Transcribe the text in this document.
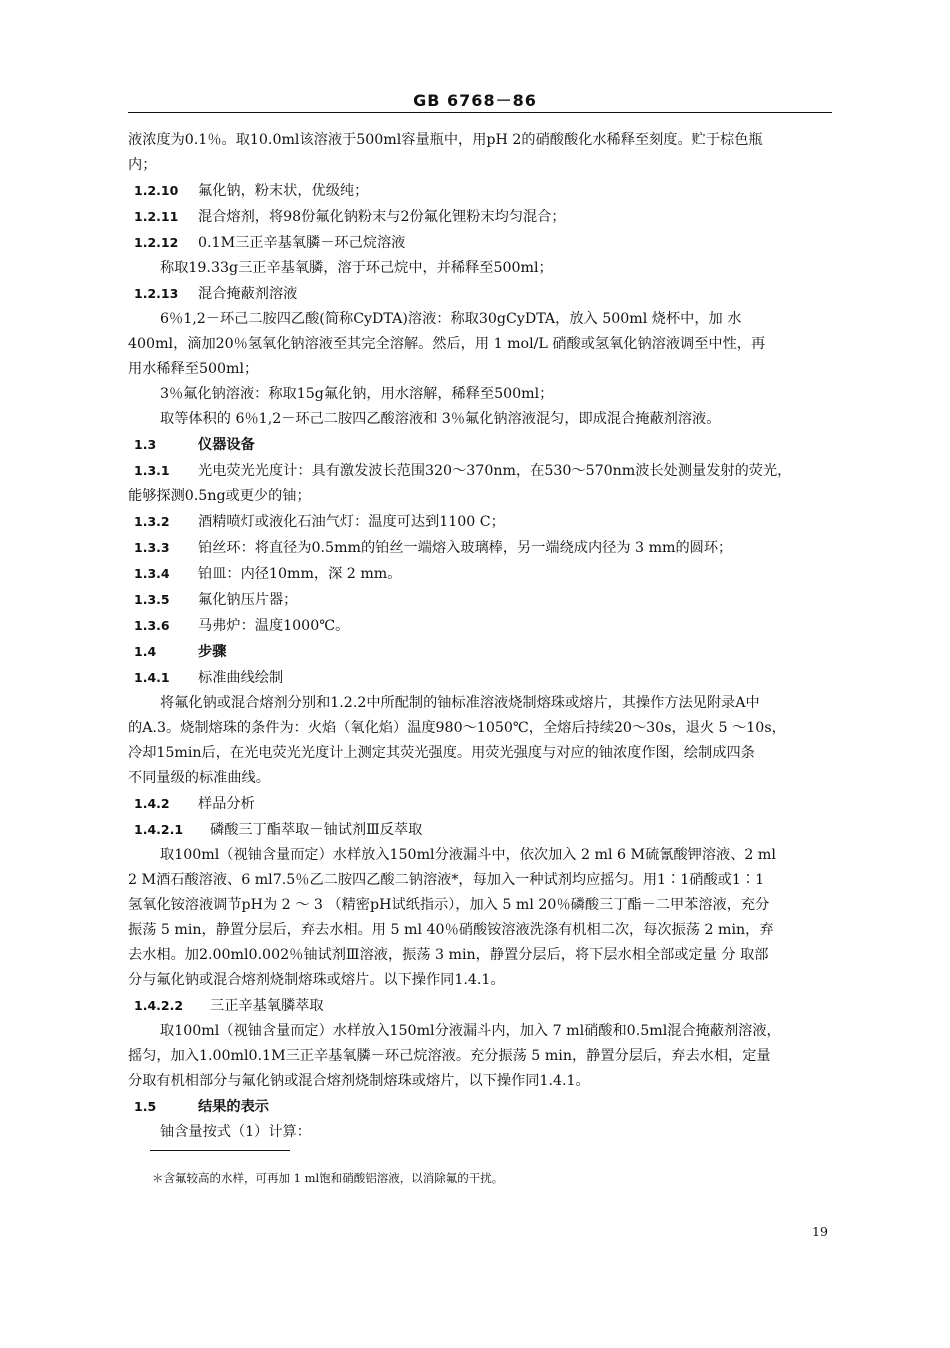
GB 6768－86

液浓度为0.1％。取10.0ml该溶液于500ml容量瓶中，用pH 2的硝酸酸化水稀释至刻度。贮于棕色瓶

内；

1.2.10 氟化钠，粉末状，优级纯；

1.2.11 混合熔剂，将98份氟化钠粉末与2份氟化锂粉末均匀混合；

1.2.12 0.1M三正辛基氧膦－环己烷溶液

称取19.33g三正辛基氧膦，溶于环己烷中，并稀释至500ml；

1.2.13 混合掩蔽剂溶液

6％1,2－环己二胺四乙酸(简称CyDTA)溶液：称取30gCyDTA，放入 500ml 烧杯中，加 水

400ml，滴加20％氢氧化钠溶液至其完全溶解。然后，用 1 mol/L 硝酸或氢氧化钠溶液调至中性，再

用水稀释至500ml；

3％氟化钠溶液：称取15g氟化钠，用水溶解，稀释至500ml；

取等体积的 6％1,2－环己二胺四乙酸溶液和 3％氟化钠溶液混匀，即成混合掩蔽剂溶液。

1.3	仪器设备

1.3.1 光电荧光光度计：具有激发波长范围320～370nm，在530～570nm波长处测量发射的荧光，

能够探测0.5ng或更少的铀；

1.3.2 酒精喷灯或液化石油气灯：温度可达到1100 C；

1.3.3 铂丝环：将直径为0.5mm的铂丝一端熔入玻璃棒，另一端绕成内径为 3 mm的圆环；

1.3.4 铂皿：内径10mm，深 2 mm。

1.3.5 氟化钠压片器；

1.3.6 马弗炉：温度1000℃。

1.4	步骤

1.4.1 标准曲线绘制

将氟化钠或混合熔剂分别和1.2.2中所配制的铀标准溶液烧制熔珠或熔片，其操作方法见附录A中

的A.3。烧制熔珠的条件为：火焰（氧化焰）温度980～1050℃，全熔后持续20～30s，退火 5 ～10s，

冷却15min后，在光电荧光光度计上测定其荧光强度。用荧光强度与对应的铀浓度作图，绘制成四条

不同量级的标准曲线。

1.4.2 样品分析

1.4.2.1 磷酸三丁酯萃取－铀试剂Ⅲ反萃取

取100ml（视铀含量而定）水样放入150ml分液漏斗中，依次加入 2 ml 6 M硫氰酸钾溶液、2 ml

2 M酒石酸溶液、6 ml7.5％乙二胺四乙酸二钠溶液*，每加入一种试剂均应摇匀。用1∶1硝酸或1∶1

氢氧化铵溶液调节pH为 2 ～ 3 （精密pH试纸指示），加入 5 ml 20％磷酸三丁酯－二甲苯溶液，充分

振荡 5 min，静置分层后，弃去水相。用 5 ml 40％硝酸铵溶液洗涤有机相二次，每次振荡 2 min，弃

去水相。加2.00ml0.002％铀试剂Ⅲ溶液，振荡 3 min，静置分层后，将下层水相全部或定量 分 取部

分与氟化钠或混合熔剂烧制熔珠或熔片。以下操作同1.4.1。

1.4.2.2 三正辛基氧膦萃取

取100ml（视铀含量而定）水样放入150ml分液漏斗内，加入 7 ml硝酸和0.5ml混合掩蔽剂溶液，

摇匀，加入1.00ml0.1M三正辛基氧膦－环己烷溶液。充分振荡 5 min，静置分层后，弃去水相，定量

分取有机相部分与氟化钠或混合熔剂烧制熔珠或熔片，以下操作同1.4.1。

1.5	结果的表示

铀含量按式（1）计算：

＊含氟较高的水样，可再加 1 ml饱和硝酸铝溶液，以消除氟的干扰。
19
